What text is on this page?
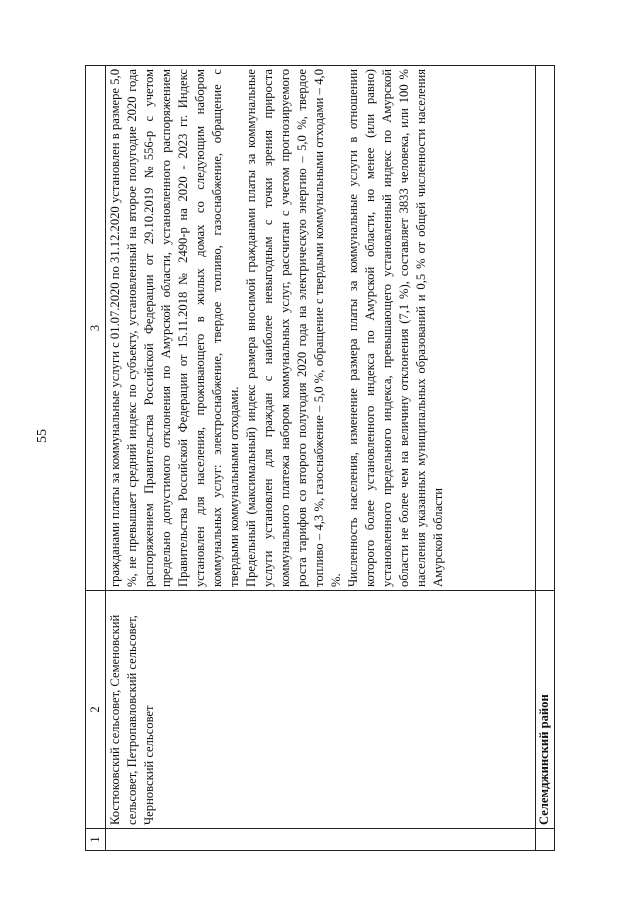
55
1
2
3
Костюковский сельсовет, Семеновский сельсовет, Петропавловский сельсовет, Черновский сельсовет

гражданами платы за коммунальные услуги с 01.07.2020 по 31.12.2020 установлен в размере 5,0 %, не превышает средний индекс по субъекту, установленный на второе полугодие 2020 года распоряжением Правительства Российской Федерации от 29.10.2019 №556-р с учетом предельно допустимого отклонения по Амурской области, установленного распоряжением Правительства Российской Федерации от 15.11.2018 № 2490-р на 2020 - 2023 гг. Индекс установлен для населения, проживающего в жилых домах со следующим набором коммунальных услуг: электроснабжение, твердое топливо, газоснабжение, обращение с твердыми коммунальными отходами. Предельный (максимальный) индекс размера вносимой гражданами платы за коммунальные услуги установлен для граждан с наиболее невыгодным с точки зрения прироста коммунального платежа набором коммунальных услуг, рассчитан с учетом прогнозируемого роста тарифов со второго полугодия 2020 года на электрическую энергию – 5,0 %, твердое топливо – 4,3 %, газоснабжение – 5,0 %, обращение с твердыми коммунальными отходами – 4,0 %. Численность населения, изменение размера платы за коммунальные услуги в отношении которого более установленного индекса по Амурской области, но менее (или равно) установленного предельного индекса, превышающего установленный индекс по Амурской области не более чем на величину отклонения (7,1 %), составляет 3833 человека, или 100 % населения указанных муниципальных образований и 0,5 % от общей численности населения Амурской области

Селемджинский район
